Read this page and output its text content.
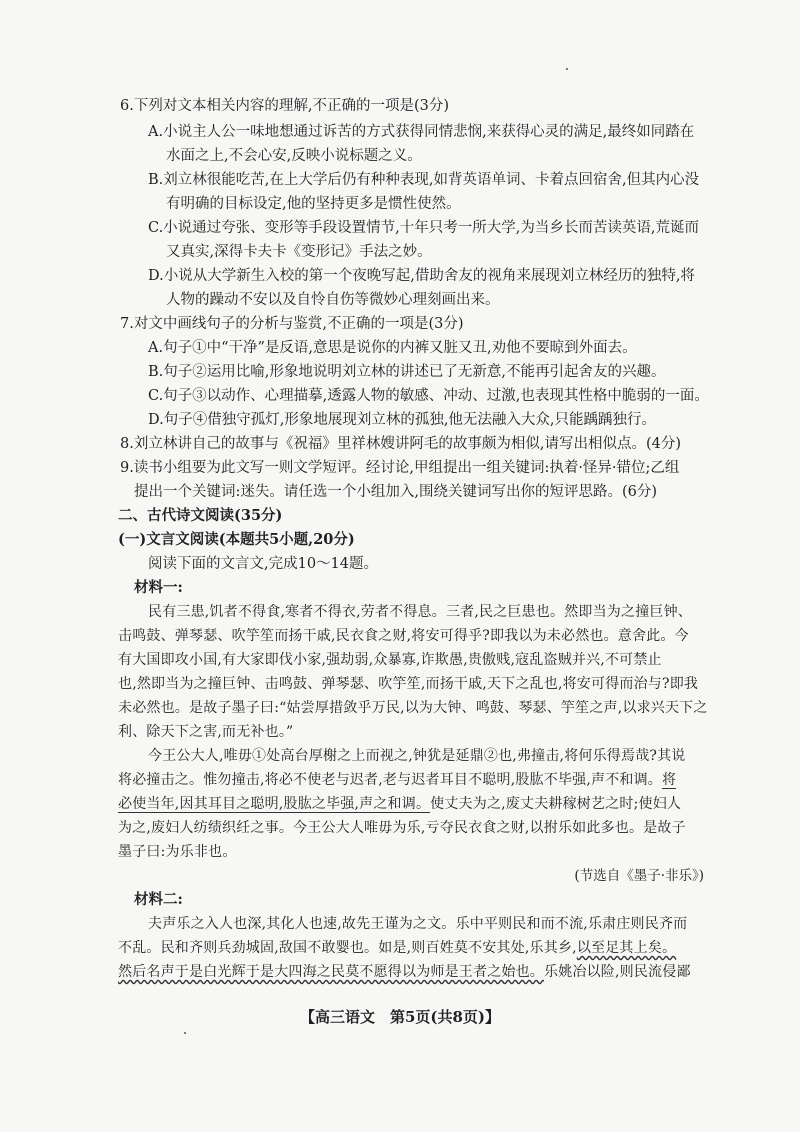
6.下列对文本相关内容的理解,不正确的一项是(3分)
A.小说主人公一味地想通过诉苦的方式获得同情悲悯,来获得心灵的满足,最终如同踏在
水面之上,不会心安,反映小说标题之义。
B.刘立林很能吃苦,在上大学后仍有种种表现,如背英语单词、卡着点回宿舍,但其内心没
有明确的目标设定,他的坚持更多是惯性使然。
C.小说通过夸张、变形等手段设置情节,十年只考一所大学,为当乡长而苦读英语,荒诞而
又真实,深得卡夫卡《变形记》手法之妙。
D.小说从大学新生入校的第一个夜晚写起,借助舍友的视角来展现刘立林经历的独特,将
人物的躁动不安以及自怜自伤等微妙心理刻画出来。
7.对文中画线句子的分析与鉴赏,不正确的一项是(3分)
A.句子①中“干净”是反语,意思是说你的内裤又脏又丑,劝他不要晾到外面去。
B.句子②运用比喻,形象地说明刘立林的讲述已了无新意,不能再引起舍友的兴趣。
C.句子③以动作、心理描摹,透露人物的敏感、冲动、过激,也表现其性格中脆弱的一面。
D.句子④借独守孤灯,形象地展现刘立林的孤独,他无法融入大众,只能踽踽独行。
8.刘立林讲自己的故事与《祝福》里祥林嫂讲阿毛的故事颇为相似,请写出相似点。(4分)
9.读书小组要为此文写一则文学短评。经讨论,甲组提出一组关键词:执着·怪异·错位;乙组
提出一个关键词:迷失。请任选一个小组加入,围绕关键词写出你的短评思路。(6分)
二、古代诗文阅读(35分)
(一)文言文阅读(本题共5小题,20分)
阅读下面的文言文,完成10～14题。
材料一:
民有三患,饥者不得食,寒者不得衣,劳者不得息。三者,民之巨患也。然即当为之撞巨钟、
击鸣鼓、弹琴瑟、吹竽笙而扬干戚,民衣食之财,将安可得乎?即我以为未必然也。意舍此。今
有大国即攻小国,有大家即伐小家,强劫弱,众暴寡,诈欺愚,贵傲贱,寇乱盗贼并兴,不可禁止
也,然即当为之撞巨钟、击鸣鼓、弹琴瑟、吹竽笙,而扬干戚,天下之乱也,将安可得而治与?即我
未必然也。是故子墨子曰:“姑尝厚措敛乎万民,以为大钟、鸣鼓、琴瑟、竽笙之声,以求兴天下之
利、除天下之害,而无补也。”
今王公大人,唯毋①处高台厚榭之上而视之,钟犹是延鼎②也,弗撞击,将何乐得焉哉?其说
将必撞击之。惟勿撞击,将必不使老与迟者,老与迟者耳目不聪明,股肱不毕强,声不和调。将
必使当年,因其耳目之聪明,股肱之毕强,声之和调。使丈夫为之,废丈夫耕稼树艺之时;使妇人
为之,废妇人纺绩织纴之事。今王公大人唯毋为乐,亏夺民衣食之财,以拊乐如此多也。是故子
墨子曰:为乐非也。
(节选自《墨子·非乐》)
材料二:
夫声乐之入人也深,其化人也速,故先王谨为之文。乐中平则民和而不流,乐肃庄则民齐而
不乱。民和齐则兵劲城固,敌国不敢婴也。如是,则百姓莫不安其处,乐其乡,以至足其上矣。
然后名声于是白光辉于是大四海之民莫不愿得以为师是王者之始也。乐姚冶以险,则民流侵鄙
【高三语文　第5页(共8页)】
